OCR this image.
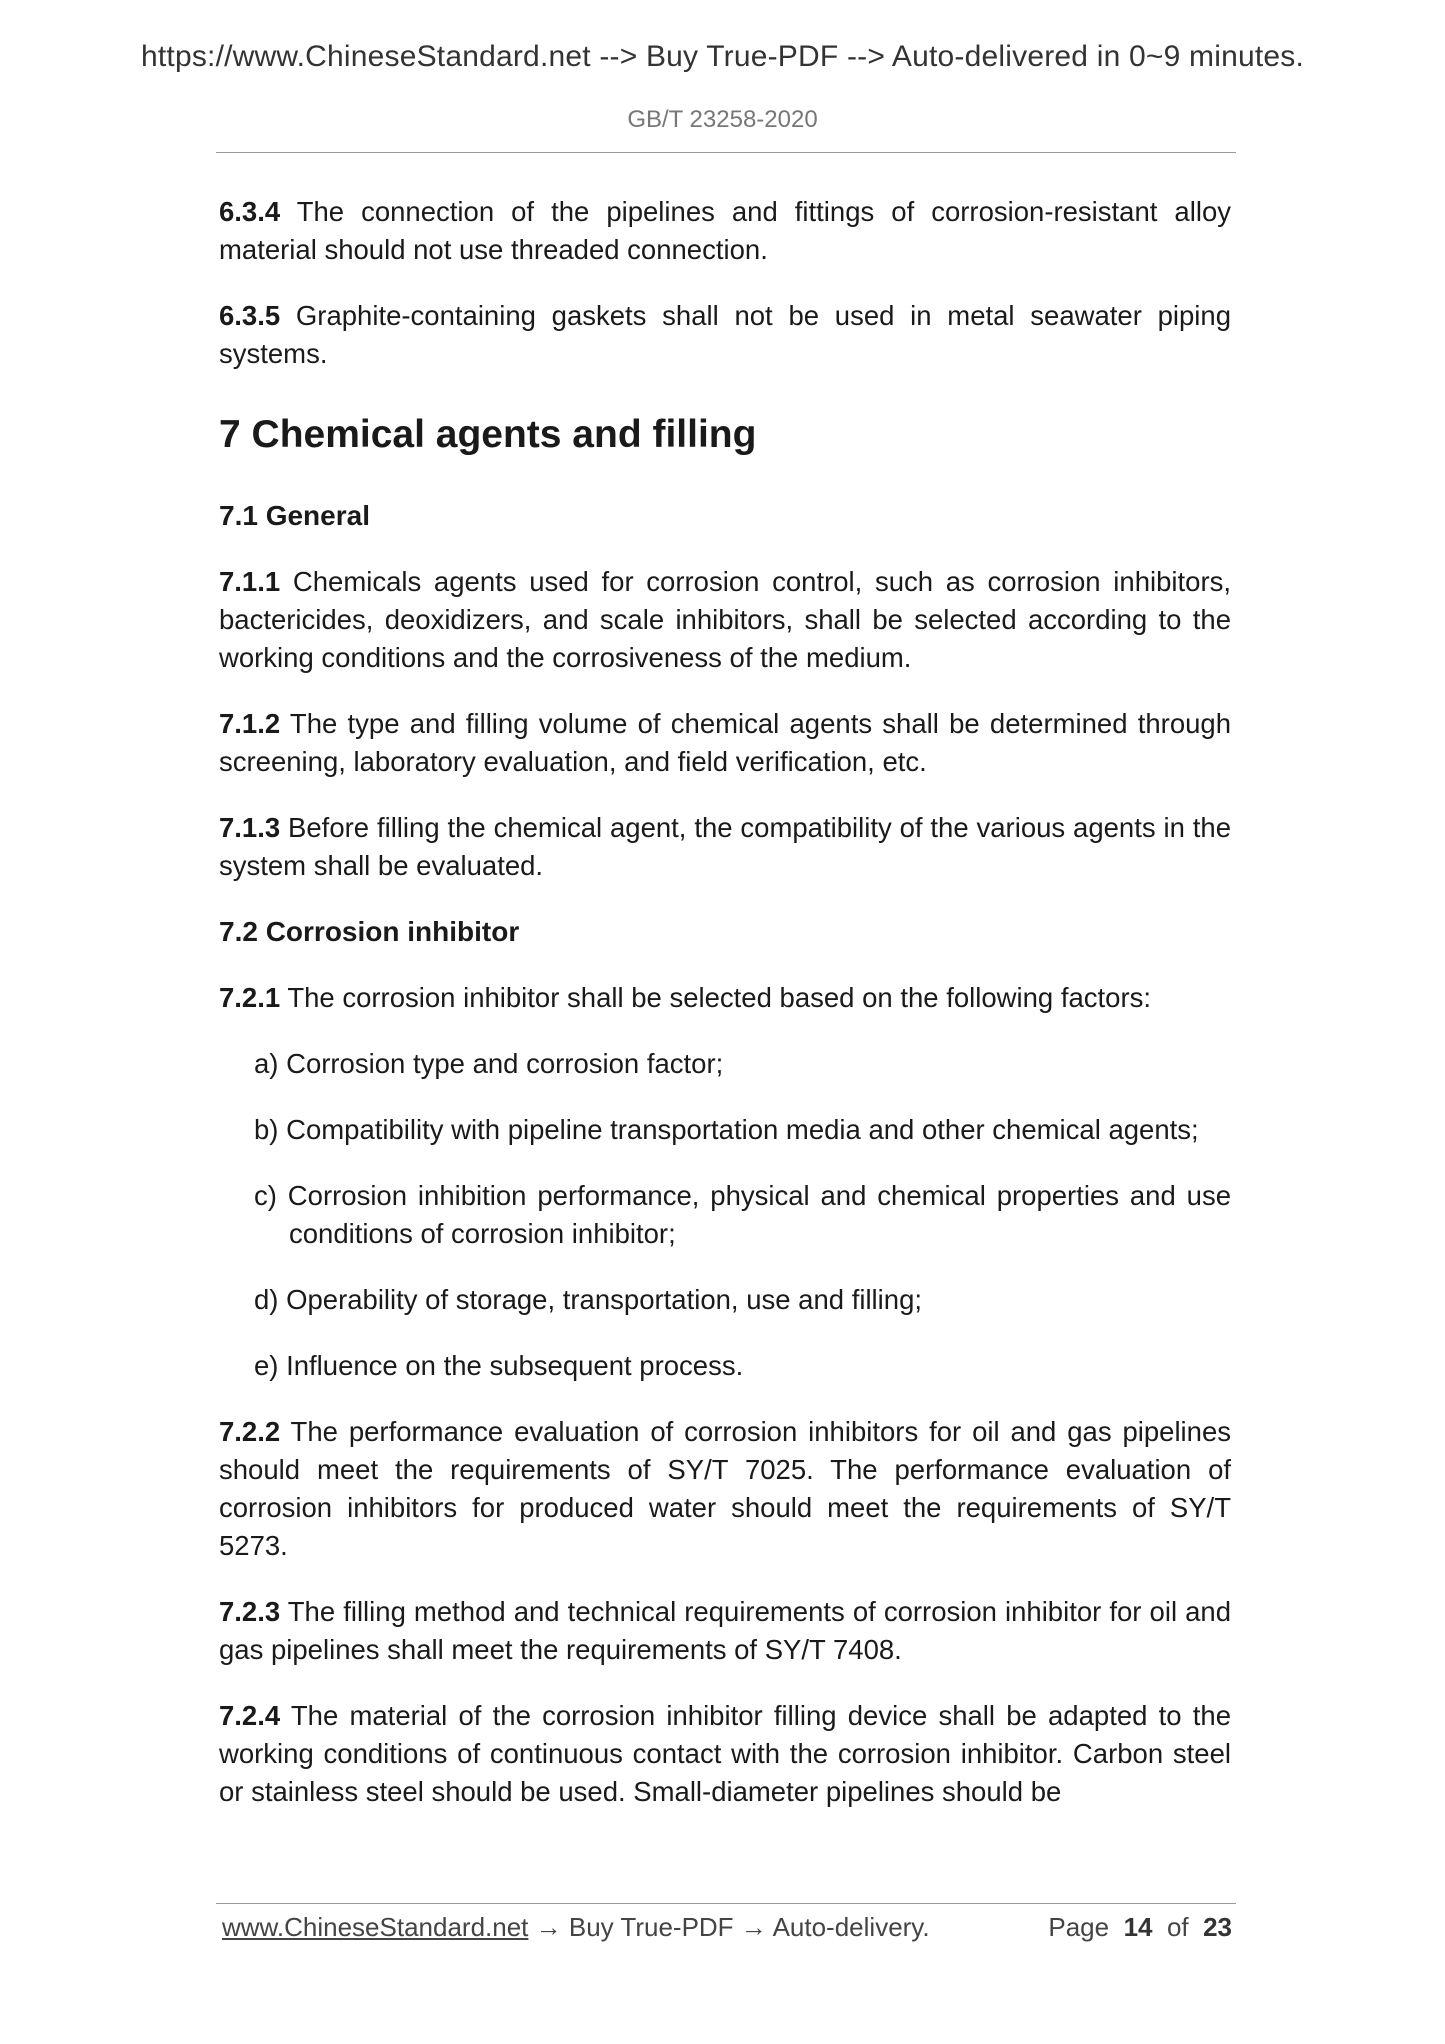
https://www.ChineseStandard.net --> Buy True-PDF --> Auto-delivered in 0~9 minutes.
GB/T 23258-2020

6.3.4 The connection of the pipelines and fittings of corrosion-resistant alloy material should not use threaded connection.

6.3.5 Graphite-containing gaskets shall not be used in metal seawater piping systems.

7 Chemical agents and filling

7.1 General

7.1.1 Chemicals agents used for corrosion control, such as corrosion inhibitors, bactericides, deoxidizers, and scale inhibitors, shall be selected according to the working conditions and the corrosiveness of the medium.

7.1.2 The type and filling volume of chemical agents shall be determined through screening, laboratory evaluation, and field verification, etc.

7.1.3 Before filling the chemical agent, the compatibility of the various agents in the system shall be evaluated.

7.2 Corrosion inhibitor

7.2.1 The corrosion inhibitor shall be selected based on the following factors:

a) Corrosion type and corrosion factor;

b) Compatibility with pipeline transportation media and other chemical agents;

c) Corrosion inhibition performance, physical and chemical properties and use conditions of corrosion inhibitor;

d) Operability of storage, transportation, use and filling;

e) Influence on the subsequent process.

7.2.2 The performance evaluation of corrosion inhibitors for oil and gas pipelines should meet the requirements of SY/T 7025. The performance evaluation of corrosion inhibitors for produced water should meet the requirements of SY/T 5273.

7.2.3 The filling method and technical requirements of corrosion inhibitor for oil and gas pipelines shall meet the requirements of SY/T 7408.

7.2.4 The material of the corrosion inhibitor filling device shall be adapted to the working conditions of continuous contact with the corrosion inhibitor. Carbon steel or stainless steel should be used. Small-diameter pipelines should be

www.ChineseStandard.net → Buy True-PDF → Auto-delivery.	Page 14 of 23
